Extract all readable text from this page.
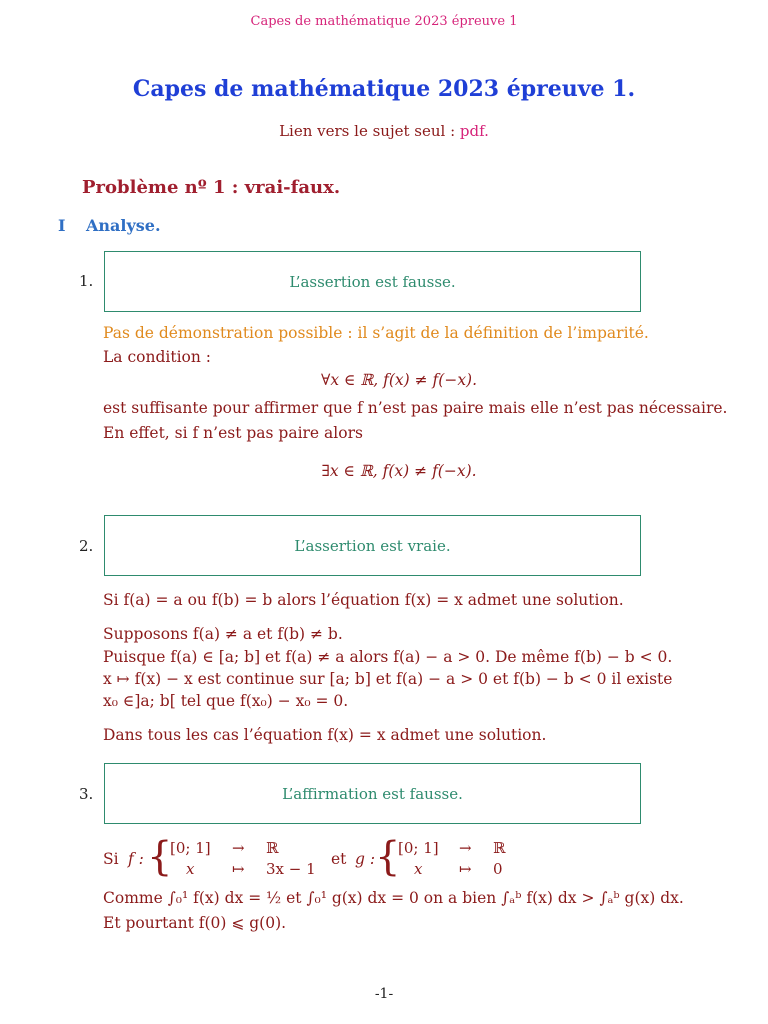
Capes de mathématique 2023 épreuve 1
Capes de mathématique 2023 épreuve 1.
Lien vers le sujet seul : pdf.
Problème nº 1 : vrai-faux.
I Analyse.
1.	L’assertion est fausse.
Pas de démonstration possible : il s’agit de la définition de l’imparité.
La condition :
∀x ∈ ℝ, f(x) ≠ f(−x).
est suffisante pour affirmer que f n’est pas paire mais elle n’est pas nécessaire.
En effet, si f n’est pas paire alors
∃x ∈ ℝ, f(x) ≠ f(−x).
2.	L’assertion est vraie.
Si f(a) = a ou f(b) = b alors l’équation f(x) = x admet une solution.
Supposons f(a) ≠ a et f(b) ≠ b.
Puisque f(a) ∈ [a; b] et f(a) ≠ a alors f(a) − a > 0. De même f(b) − b < 0.
x ↦ f(x) − x est continue sur [a; b] et f(a) − a > 0 et f(b) − b < 0 il existe
x₀ ∈]a; b[ tel que f(x₀) − x₀ = 0.
Dans tous les cas l’équation f(x) = x admet une solution.
3.	L’affirmation est fausse.
Si f : {
[0; 1] → ℝ
x	↦ 3x − 1
et g : {
[0; 1] → ℝ
x ↦ 0
Comme ∫₀¹ f(x) dx = ½ et ∫₀¹ g(x) dx = 0 on a bien ∫ₐᵇ f(x) dx > ∫ₐᵇ g(x) dx.
Et pourtant f(0) ⩽ g(0).
-1-
